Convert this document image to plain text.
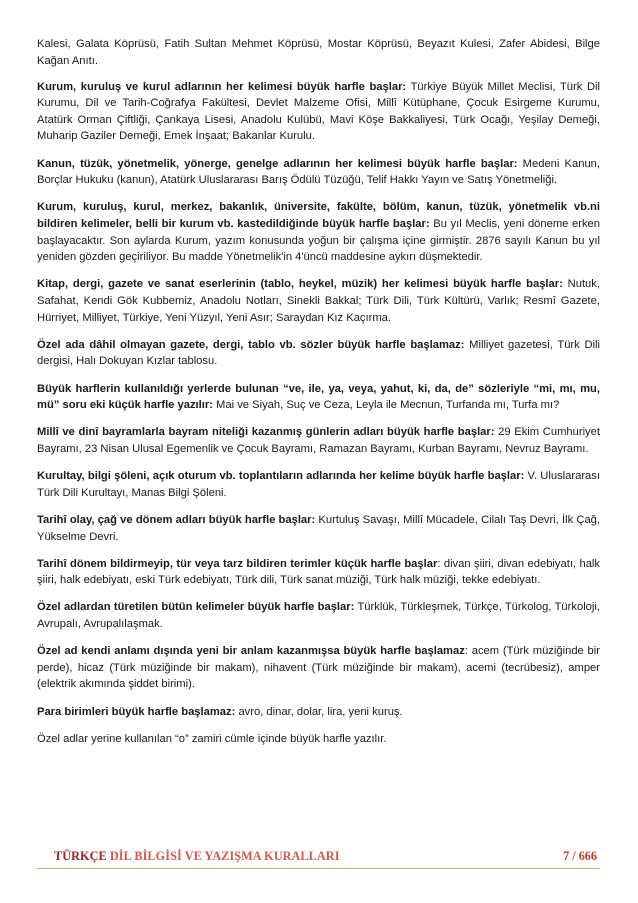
Kalesi, Galata Köprüsü, Fatih Sultan Mehmet Köprüsü, Mostar Köprüsü, Beyazıt Kulesi, Zafer Abidesi, Bilge Kağan Anıtı.

Kurum, kuruluş ve kurul adlarının her kelimesi büyük harfle başlar: Türkiye Büyük Millet Meclisi, Türk Dil Kurumu, Dil ve Tarih-Coğrafya Fakültesi, Devlet Malzeme Ofisi, Millî Kütüphane, Çocuk Esirgeme Kurumu, Atatürk Orman Çiftliği, Çankaya Lisesi, Anadolu Kulübü, Mavi Köşe Bakkaliyesi, Türk Ocağı, Yeşilay Demeği, Muharip Gaziler Demeği, Emek İnşaat; Bakanlar Kurulu.

Kanun, tüzük, yönetmelik, yönerge, genelge adlarının her kelimesi büyük harfle başlar: Medeni Kanun, Borçlar Hukuku (kanun), Atatürk Uluslararası Barış Ödülü Tüzüğü, Telif Hakkı Yayın ve Satış Yönetmeliği.

Kurum, kuruluş, kurul, merkez, bakanlık, üniversite, fakülte, bölüm, kanun, tüzük, yönetmelik vb.ni bildiren kelimeler, belli bir kurum vb. kastedildiğinde büyük harfle başlar: Bu yıl Meclis, yeni döneme erken başlayacaktır. Son aylarda Kurum, yazım konusunda yoğun bir çalışma içine girmiştir. 2876 sayılı Kanun bu yıl yeniden gözden geçiriliyor. Bu madde Yönetmelik'in 4'üncü maddesine aykırı düşmektedir.

Kitap, dergi, gazete ve sanat eserlerinin (tablo, heykel, müzik) her kelimesi büyük harfle başlar: Nutuk, Safahat, Kendi Gök Kubbemiz, Anadolu Notları, Sinekli Bakkal; Türk Dili, Türk Kültürü, Varlık; Resmî Gazete, Hürriyet, Milliyet, Türkiye, Yeni Yüzyıl, Yeni Asır; Saraydan Kız Kaçırma.

Özel ada dâhil olmayan gazete, dergi, tablo vb. sözler büyük harfle başlamaz: Milliyet gazetesi, Türk Dili dergisi, Halı Dokuyan Kızlar tablosu.

Büyük harflerin kullanıldığı yerlerde bulunan “ve, ile, ya, veya, yahut, ki, da, de” sözleriyle “mi, mı, mu, mü” soru eki küçük harfle yazılır: Mai ve Siyah, Suç ve Ceza, Leyla ile Mecnun, Turfanda mı, Turfa mı?

Millî ve dinî bayramlarla bayram niteliği kazanmış günlerin adları büyük harfle başlar: 29 Ekim Cumhuriyet Bayramı, 23 Nisan Ulusal Egemenlik ve Çocuk Bayramı, Ramazan Bayramı, Kurban Bayramı, Nevruz Bayramı.

Kurultay, bilgi şöleni, açık oturum vb. toplantıların adlarında her kelime büyük harfle başlar: V. Uluslararası Türk Dili Kurultayı, Manas Bilgi Şöleni.

Tarihî olay, çağ ve dönem adları büyük harfle başlar: Kurtuluş Savaşı, Millî Mücadele, Cilalı Taş Devri, İlk Çağ, Yükselme Devri.

Tarihî dönem bildirmeyip, tür veya tarz bildiren terimler küçük harfle başlar: divan şiiri, divan edebiyatı, halk şiiri, halk edebiyatı, eski Türk edebiyatı, Türk dili, Türk sanat müziği, Türk halk müziği, tekke edebiyatı.

Özel adlardan türetilen bütün kelimeler büyük harfle başlar: Türklük, Türkleşmek, Türkçe, Türkolog, Türkoloji, Avrupalı, Avrupalılaşmak.

Özel ad kendi anlamı dışında yeni bir anlam kazanmışsa büyük harfle başlamaz: acem (Türk müziğinde bir perde), hicaz (Türk müziğinde bir makam), nihavent (Türk müziğinde bir makam), acemi (tecrübesiz), amper (elektrik akımında şiddet birimi).

Para birimleri büyük harfle başlamaz: avro, dinar, dolar, lira, yeni kuruş.

Özel adlar yerine kullanılan “o” zamiri cümle içinde büyük harfle yazılır.

TÜRKÇE DİL BİLGİSİ VE YAZIŞMA KURALLARI	7 / 666
